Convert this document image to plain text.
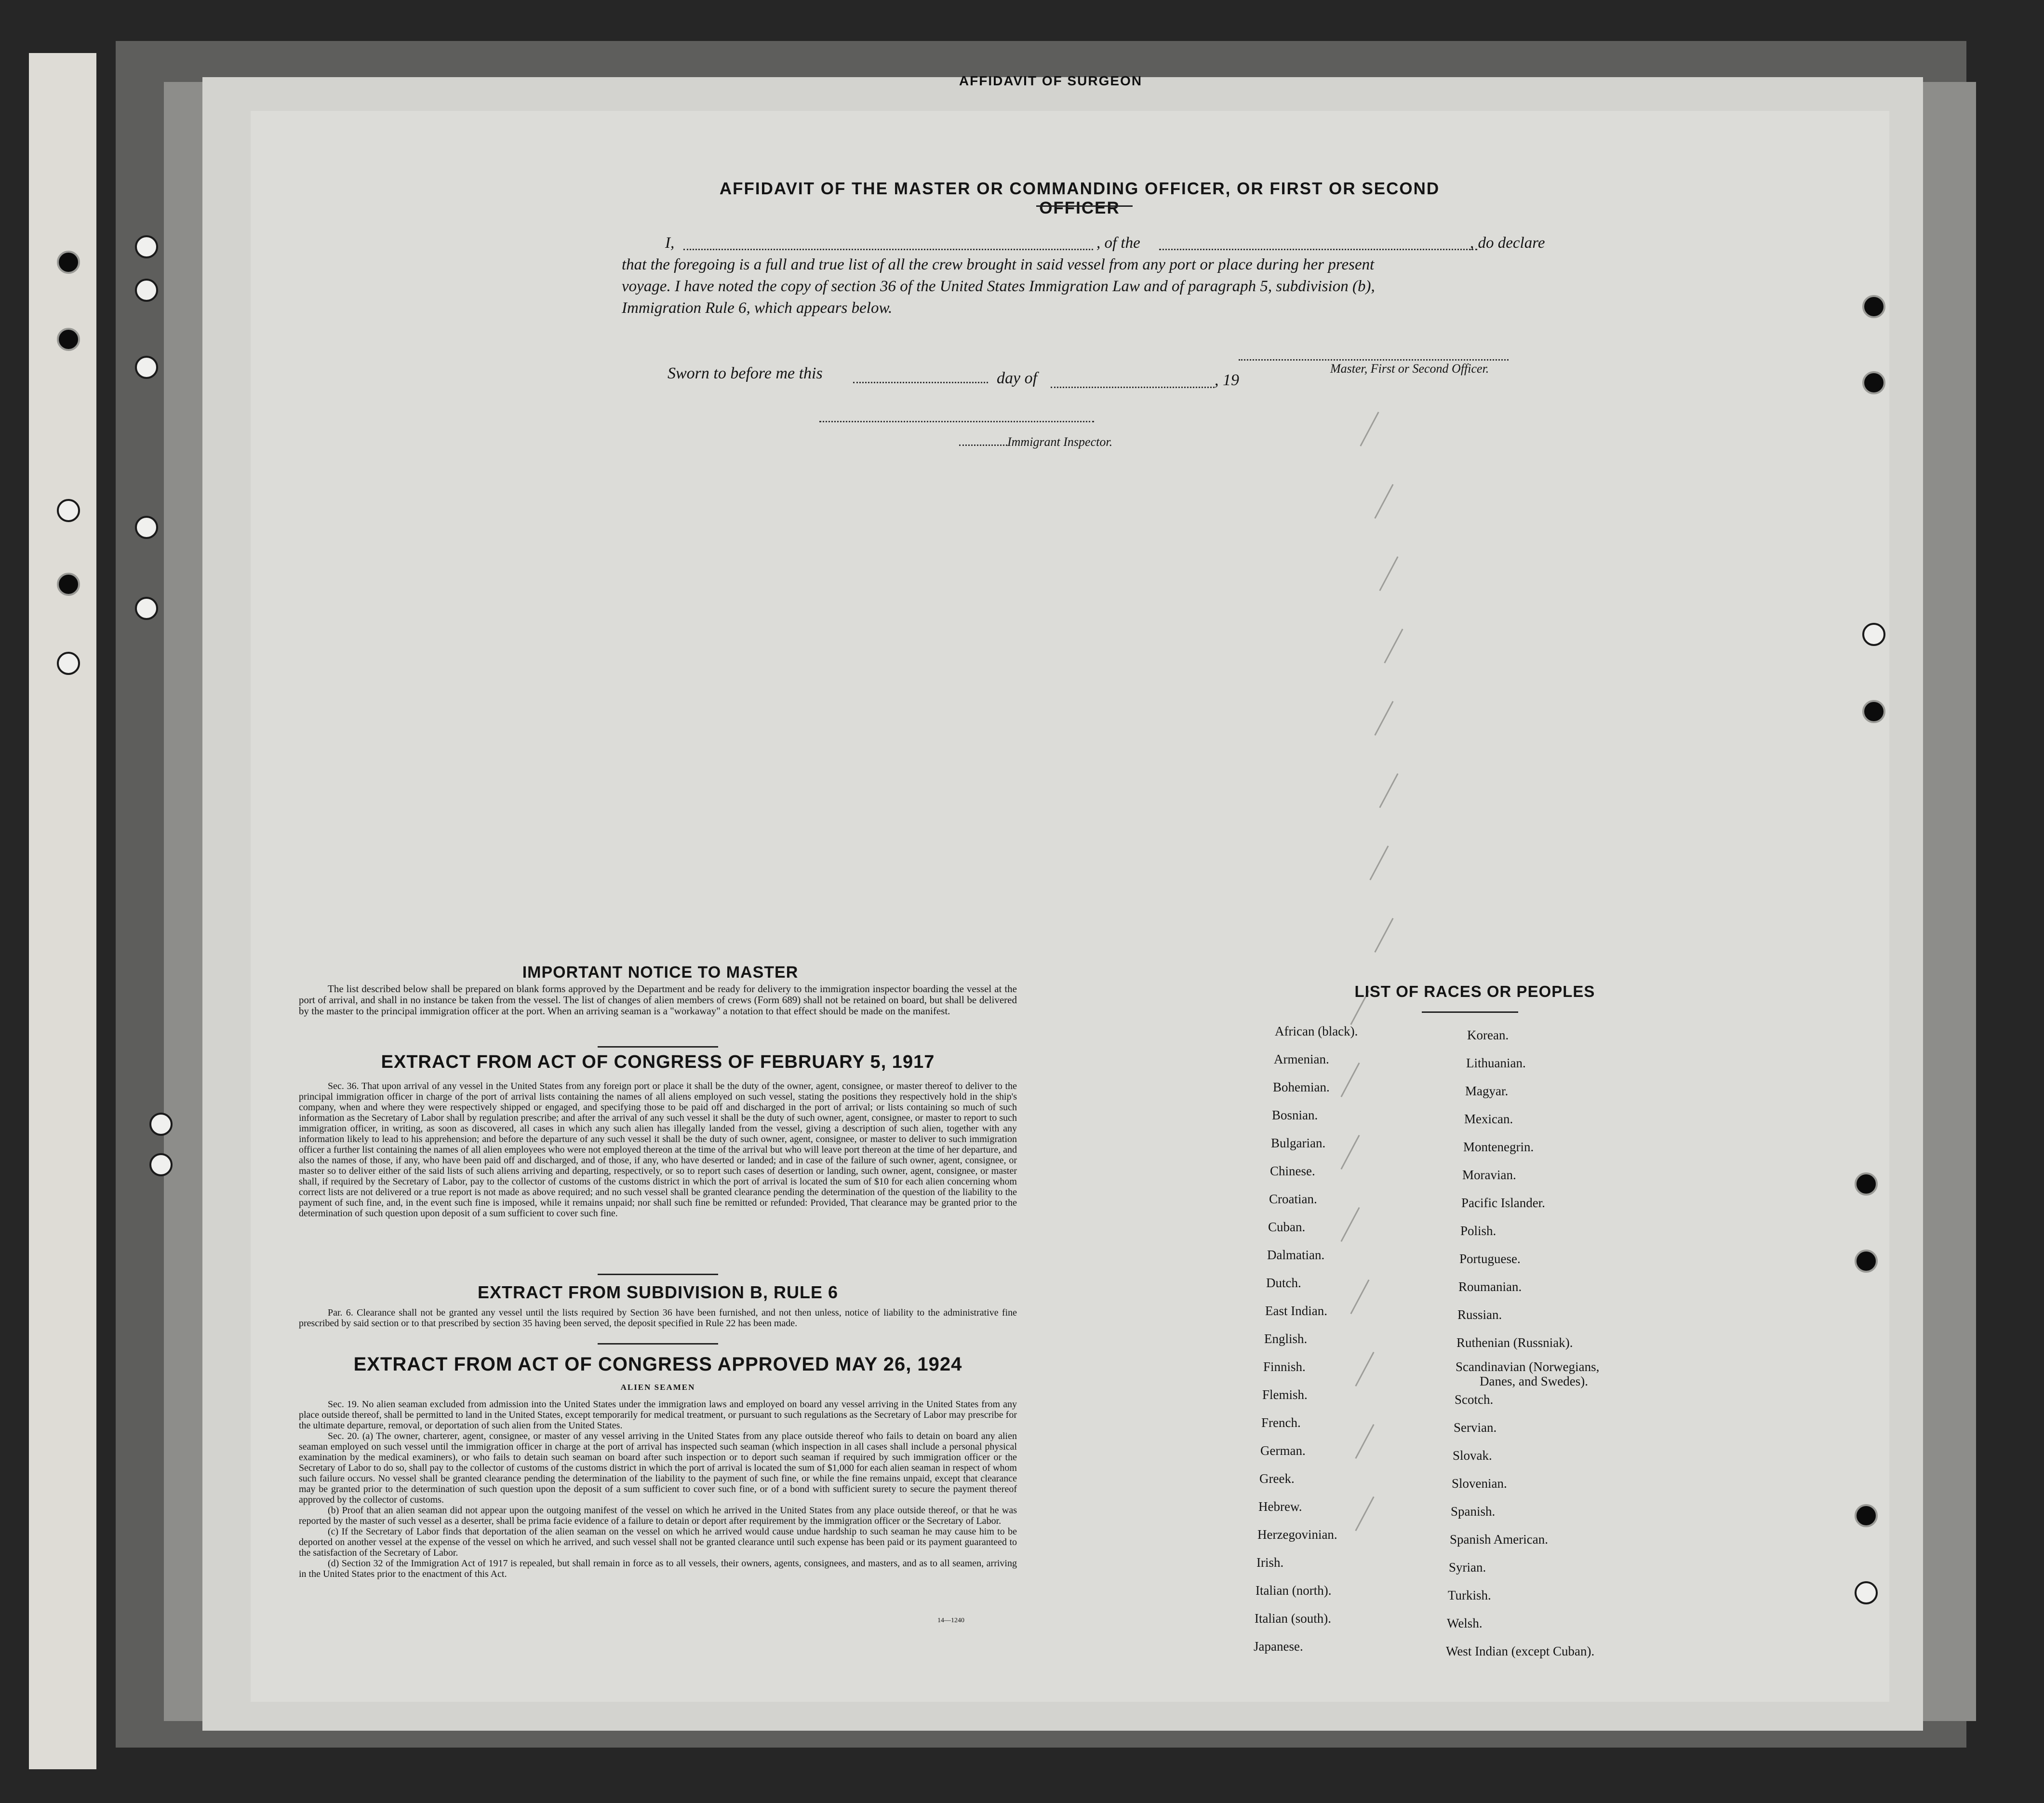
AFFIDAVIT OF SURGEON
AFFIDAVIT OF THE MASTER OR COMMANDING OFFICER, OR FIRST OR SECOND OFFICER
I,	, of the	, do declare
that the foregoing is a full and true list of all the crew brought in said vessel from any port or place during her present
voyage. I have noted the copy of section 36 of the United States Immigration Law and of paragraph 5, subdivision (b),
Immigration Rule 6, which appears below.
Master, First or Second Officer.
Sworn to before me this	day of	, 19
Immigrant Inspector.
IMPORTANT NOTICE TO MASTER
The list described below shall be prepared on blank forms approved by the Department and be ready for delivery to the immigration inspector boarding the vessel at the port of arrival, and shall in no instance be taken from the vessel. The list of changes of alien members of crews (Form 689) shall not be retained on board, but shall be delivered by the master to the principal immigration officer at the port. When an arriving seaman is a "workaway" a notation to that effect should be made on the manifest.
EXTRACT FROM ACT OF CONGRESS OF FEBRUARY 5, 1917
Sec. 36. That upon arrival of any vessel in the United States from any foreign port or place it shall be the duty of the owner, agent, consignee, or master thereof to deliver to the principal immigration officer in charge of the port of arrival lists containing the names of all aliens employed on such vessel, stating the positions they respectively hold in the ship's company, when and where they were respectively shipped or engaged, and specifying those to be paid off and discharged in the port of arrival; or lists containing so much of such information as the Secretary of Labor shall by regulation prescribe; and after the arrival of any such vessel it shall be the duty of such owner, agent, consignee, or master to report to such immigration officer, in writing, as soon as discovered, all cases in which any such alien has illegally landed from the vessel, giving a description of such alien, together with any information likely to lead to his apprehension; and before the departure of any such vessel it shall be the duty of such owner, agent, consignee, or master to deliver to such immigration officer a further list containing the names of all alien employees who were not employed thereon at the time of the arrival but who will leave port thereon at the time of her departure, and also the names of those, if any, who have been paid off and discharged, and of those, if any, who have deserted or landed; and in case of the failure of such owner, agent, consignee, or master so to deliver either of the said lists of such aliens arriving and departing, respectively, or so to report such cases of desertion or landing, such owner, agent, consignee, or master shall, if required by the Secretary of Labor, pay to the collector of customs of the customs district in which the port of arrival is located the sum of $10 for each alien concerning whom correct lists are not delivered or a true report is not made as above required; and no such vessel shall be granted clearance pending the determination of the question of the liability to the payment of such fine, and, in the event such fine is imposed, while it remains unpaid; nor shall such fine be remitted or refunded: Provided, That clearance may be granted prior to the determination of such question upon deposit of a sum sufficient to cover such fine.
EXTRACT FROM SUBDIVISION B, RULE 6
Par. 6. Clearance shall not be granted any vessel until the lists required by Section 36 have been furnished, and not then unless, notice of liability to the administrative fine prescribed by said section or to that prescribed by section 35 having been served, the deposit specified in Rule 22 has been made.
EXTRACT FROM ACT OF CONGRESS APPROVED MAY 26, 1924
ALIEN SEAMEN
Sec. 19. No alien seaman excluded from admission into the United States under the immigration laws and employed on board any vessel arriving in the United States from any place outside thereof, shall be permitted to land in the United States, except temporarily for medical treatment, or pursuant to such regulations as the Secretary of Labor may prescribe for the ultimate departure, removal, or deportation of such alien from the United States.
Sec. 20. (a) The owner, charterer, agent, consignee, or master of any vessel arriving in the United States from any place outside thereof who fails to detain on board any alien seaman employed on such vessel until the immigration officer in charge at the port of arrival has inspected such seaman (which inspection in all cases shall include a personal physical examination by the medical examiners), or who fails to detain such seaman on board after such inspection or to deport such seaman if required by such immigration officer or the Secretary of Labor to do so, shall pay to the collector of customs of the customs district in which the port of arrival is located the sum of $1,000 for each alien seaman in respect of whom such failure occurs. No vessel shall be granted clearance pending the determination of the liability to the payment of such fine, or while the fine remains unpaid, except that clearance may be granted prior to the determination of such question upon the deposit of a sum sufficient to cover such fine, or of a bond with sufficient surety to secure the payment thereof approved by the collector of customs.
(b) Proof that an alien seaman did not appear upon the outgoing manifest of the vessel on which he arrived in the United States from any place outside thereof, or that he was reported by the master of such vessel as a deserter, shall be prima facie evidence of a failure to detain or deport after requirement by the immigration officer or the Secretary of Labor.
(c) If the Secretary of Labor finds that deportation of the alien seaman on the vessel on which he arrived would cause undue hardship to such seaman he may cause him to be deported on another vessel at the expense of the vessel on which he arrived, and such vessel shall not be granted clearance until such expense has been paid or its payment guaranteed to the satisfaction of the Secretary of Labor.
(d) Section 32 of the Immigration Act of 1917 is repealed, but shall remain in force as to all vessels, their owners, agents, consignees, and masters, and as to all seamen, arriving in the United States prior to the enactment of this Act.
14—1240
LIST OF RACES OR PEOPLES
African (black).
Armenian.
Bohemian.
Bosnian.
Bulgarian.
Chinese.
Croatian.
Cuban.
Dalmatian.
Dutch.
East Indian.
English.
Finnish.
Flemish.
French.
German.
Greek.
Hebrew.
Herzegovinian.
Irish.
Italian (north).
Italian (south).
Japanese.
Korean.
Lithuanian.
Magyar.
Mexican.
Montenegrin.
Moravian.
Pacific Islander.
Polish.
Portuguese.
Roumanian.
Russian.
Ruthenian (Russniak).
Scandinavian (Norwegians,
Danes, and Swedes).
Scotch.
Servian.
Slovak.
Slovenian.
Spanish.
Spanish American.
Syrian.
Turkish.
Welsh.
West Indian (except Cuban).
